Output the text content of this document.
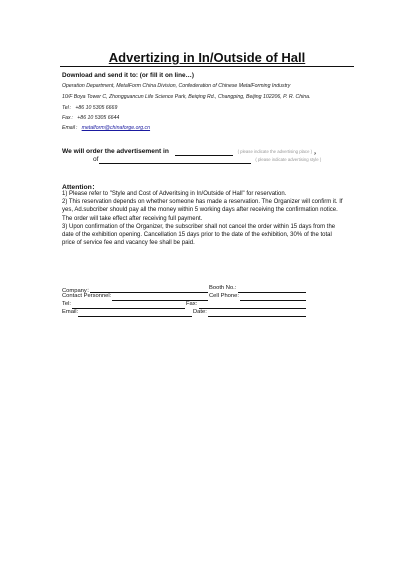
Advertizing in In/Outside of Hall
Download and send it to: (or fill it on line…)
Operation Department, MetalForm China Division, Confederation of Chinese MetalForming Industry
10/F Boya Tower C, Zhongguancun Life Science Park, Beiqing Rd., Changping, Beijing 102206, P. R. China.
Tel： +86 10 5305 6669
Fax： +86 10 5305 6644
Email： metalform@chinaforge.org.cn
We will order the advertisement in	( please indicate the advertising place ) ，
of	( please indicate advertising style )
Attention：

1) Please refer to "Style and Cost of Adveritsing in In/Outside of Hall" for reservation.

2) This reservation depends on whether someone has made a reservation. The Organizer will confirm it. If yes, Ad.subcriber should pay all the money within 5 working days after receiving the confirmation notice. The order will take effect after receiving full payment.

3) Upon confirmation of the Organizer, the subscriber shall not cancel the order within 15 days from the date of the exhibition opening. Cancellation 15 days prior to the date of the exhibition, 30% of the total price of service fee and vacancy fee shall be paid.

Company：	Booth No.:
Contact Personnel:	Cell Phone:
Tel:	Fax:
Email:	Date:
